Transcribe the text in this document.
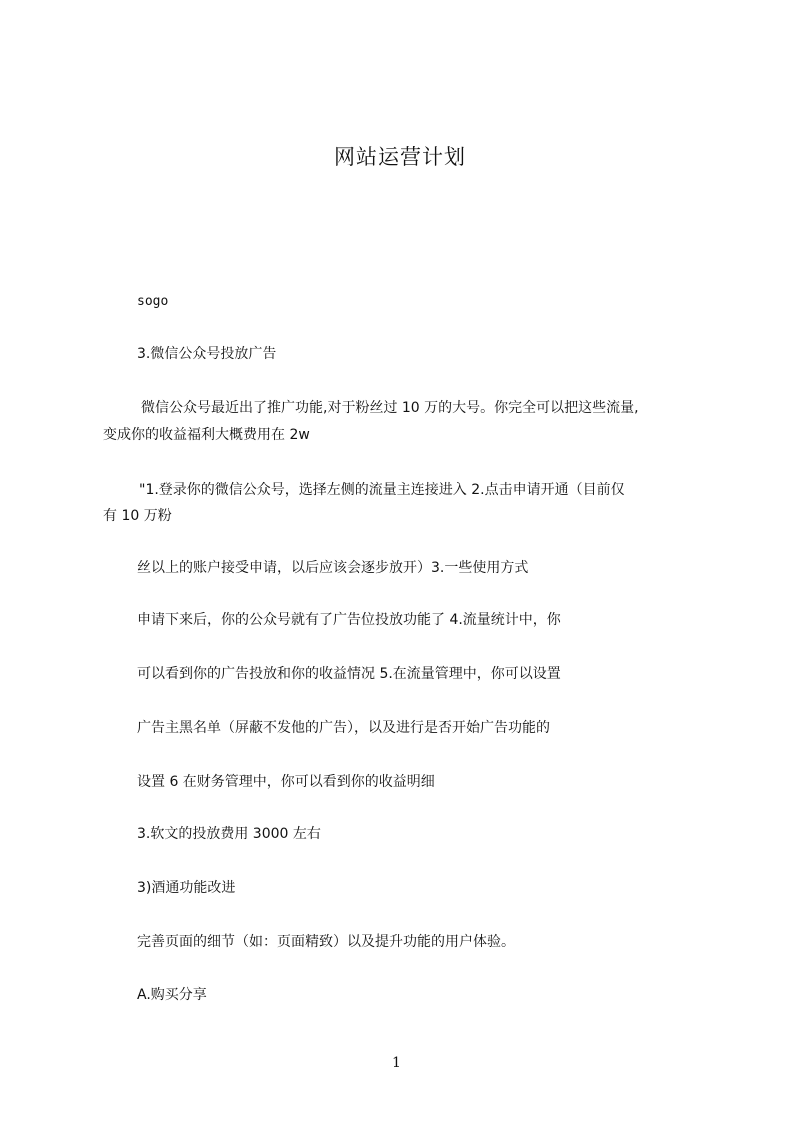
网站运营计划
sogo
3.微信公众号投放广告
微信公众号最近出了推广功能,对于粉丝过 10 万的大号。你完全可以把这些流量,
变成你的收益福利大概费用在 2w
"1.登录你的微信公众号，选择左侧的流量主连接进入 2.点击申请开通（目前仅
有 10 万粉
丝以上的账户接受申请，以后应该会逐步放开）3.一些使用方式
申请下来后，你的公众号就有了广告位投放功能了 4.流量统计中，你
可以看到你的广告投放和你的收益情况 5.在流量管理中，你可以设置
广告主黑名单（屏蔽不发他的广告），以及进行是否开始广告功能的
设置 6 在财务管理中，你可以看到你的收益明细
3.软文的投放费用 3000 左右
3)酒通功能改进
完善页面的细节（如：页面精致）以及提升功能的用户体验。
A.购买分享
1
